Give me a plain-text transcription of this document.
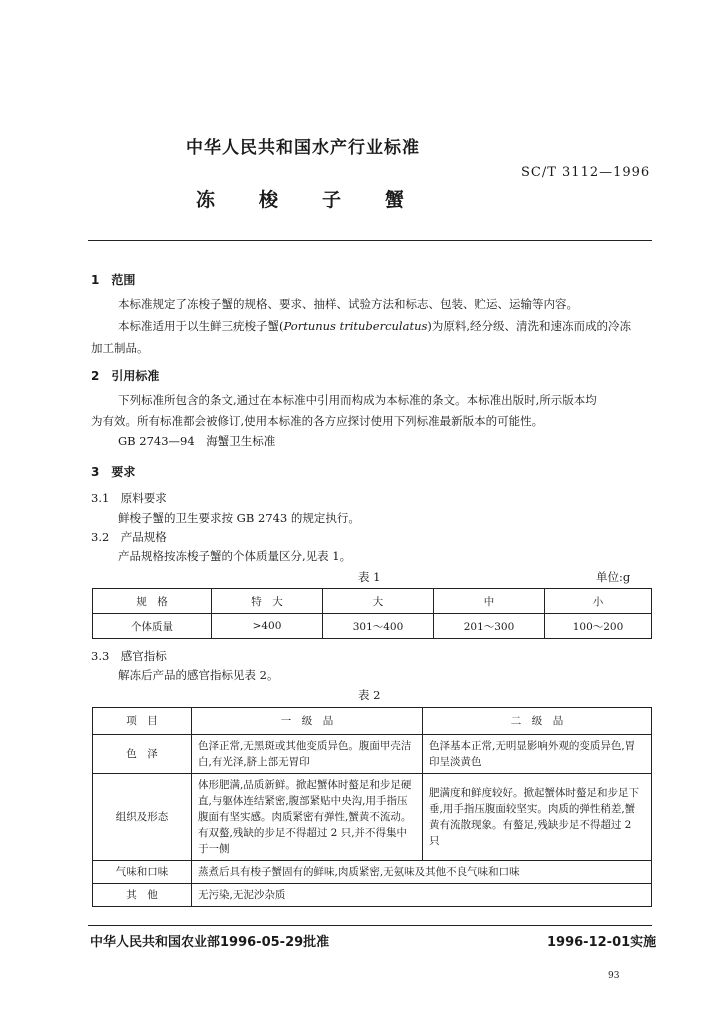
中华人民共和国水产行业标准
SC/T 3112—1996
冻 梭 子 蟹
1　范围
本标准规定了冻梭子蟹的规格、要求、抽样、试验方法和标志、包装、贮运、运输等内容。
本标准适用于以生鲜三疣梭子蟹(Portunus trituberculatus)为原料,经分级、清洗和速冻而成的冷冻
加工制品。
2　引用标准
下列标准所包含的条文,通过在本标准中引用而构成为本标准的条文。本标准出版时,所示版本均
为有效。所有标准都会被修订,使用本标准的各方应探讨使用下列标准最新版本的可能性。
GB 2743—94　海蟹卫生标准
3　要求
3.1　原料要求
鲜梭子蟹的卫生要求按 GB 2743 的规定执行。
3.2　产品规格
产品规格按冻梭子蟹的个体质量区分,见表 1。
表 1	单位:g
规　格	特　大	大	中	小
个体质量	>400	301～400	201～300	100～200
3.3　感官指标
解冻后产品的感官指标见表 2。
表 2
项　目	一　级　品	二　级　品
色　泽	色泽正常,无黑斑或其他变质异色。腹面甲壳洁白,有光泽,脐上部无胃印	色泽基本正常,无明显影响外观的变质异色,胃印呈淡黄色
组织及形态	体形肥满,品质新鲜。掀起蟹体时螯足和步足硬直,与躯体连结紧密,腹部紧贴中央沟,用手指压腹面有坚实感。肉质紧密有弹性,蟹黄不流动。有双螯,残缺的步足不得超过 2 只,并不得集中于一侧	肥满度和鲜度较好。掀起蟹体时螯足和步足下垂,用手指压腹面较坚实。肉质的弹性稍差,蟹黄有流散现象。有螯足,残缺步足不得超过 2 只
气味和口味	蒸煮后具有梭子蟹固有的鲜味,肉质紧密,无氨味及其他不良气味和口味	
其　他	无污染,无泥沙杂质	
中华人民共和国农业部1996-05-29批准	1996-12-01实施
93
